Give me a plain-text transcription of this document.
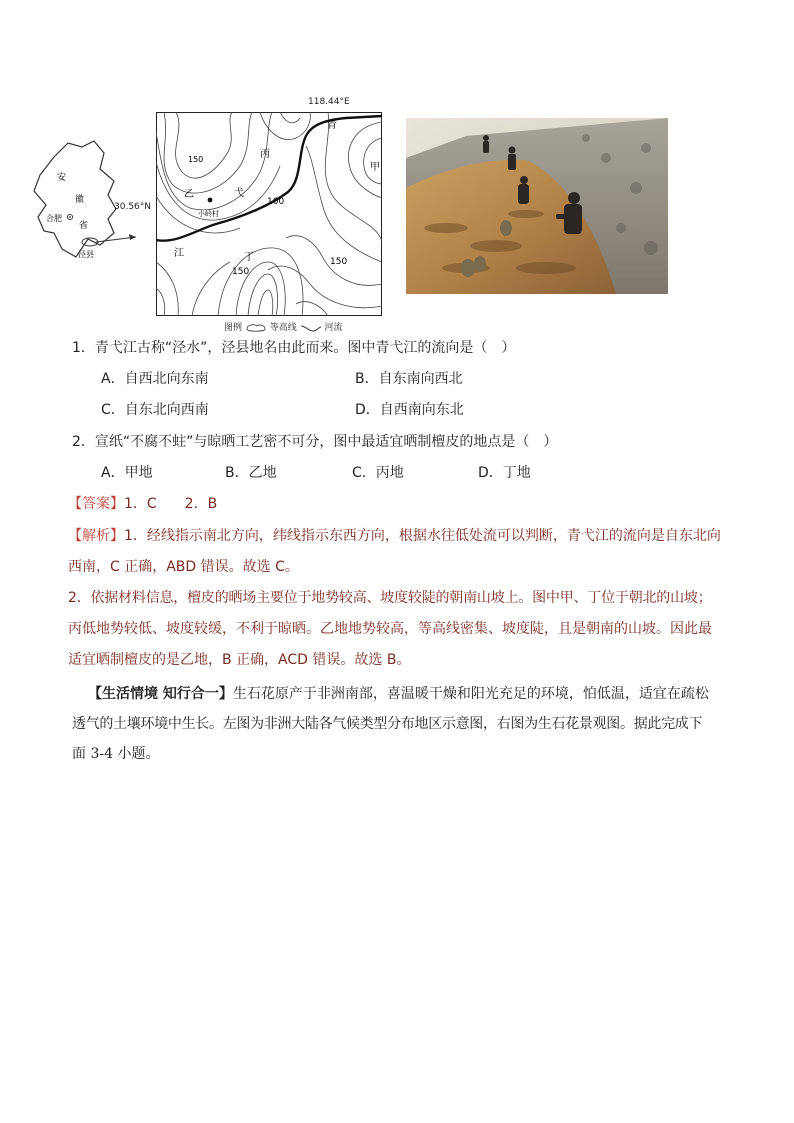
安
徽
省
合肥
泾县
30.56°N
118.44°E
青
丙
甲
乙	弋
江	丁
小岭村
150
100
150
150
图例	等高线	河流
1．青弋江古称“泾水”，泾县地名由此而来。图中青弋江的流向是（　）
A．自西北向东南	B．自东南向西北
C．自东北向西南	D．自西南向东北
2．宣纸“不腐不蛀”与晾晒工艺密不可分，图中最适宜晒制檀皮的地点是（　）
A．甲地	B．乙地	C．丙地	D．丁地
【答案】1．C　　2．B
【解析】1．经线指示南北方向，纬线指示东西方向，根据水往低处流可以判断，青弋江的流向是自东北向
西南，C 正确，ABD 错误。故选 C。
2．依据材料信息，檀皮的晒场主要位于地势较高、坡度较陡的朝南山坡上。图中甲、丁位于朝北的山坡；
丙低地势较低、坡度较缓，不利于晾晒。乙地地势较高，等高线密集、坡度陡，且是朝南的山坡。因此最
适宜晒制檀皮的是乙地，B 正确，ACD 错误。故选 B。
【生活情境 知行合一】生石花原产于非洲南部，喜温暖干燥和阳光充足的环境，怕低温，适宜在疏松
透气的土壤环境中生长。左图为非洲大陆各气候类型分布地区示意图，右图为生石花景观图。据此完成下
面 3-4 小题。
